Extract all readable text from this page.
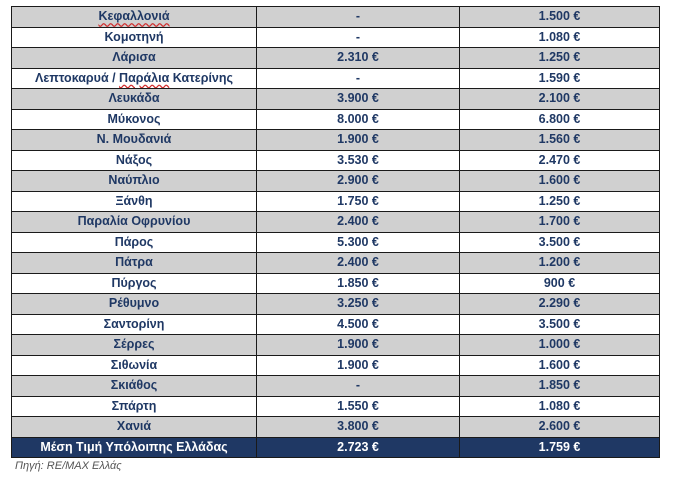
Κεφαλλονιά	-	1.500 €
Κομοτηνή	-	1.080 €
Λάρισα	2.310 €	1.250 €
Λεπτοκαρυά / Παράλια Κατερίνης	-	1.590 €
Λευκάδα	3.900 €	2.100 €
Μύκονος	8.000 €	6.800 €
Ν. Μουδανιά	1.900 €	1.560 €
Νάξος	3.530 €	2.470 €
Ναύπλιο	2.900 €	1.600 €
Ξάνθη	1.750 €	1.250 €
Παραλία Οφρυνίου	2.400 €	1.700 €
Πάρος	5.300 €	3.500 €
Πάτρα	2.400 €	1.200 €
Πύργος	1.850 €	900 €
Ρέθυμνο	3.250 €	2.290 €
Σαντορίνη	4.500 €	3.500 €
Σέρρες	1.900 €	1.000 €
Σιθωνία	1.900 €	1.600 €
Σκιάθος	-	1.850 €
Σπάρτη	1.550 €	1.080 €
Χανιά	3.800 €	2.600 €
Μέση Τιμή Υπόλοιπης Ελλάδας	2.723 €	1.759 €
Πηγή: RE/MAX Ελλάς
